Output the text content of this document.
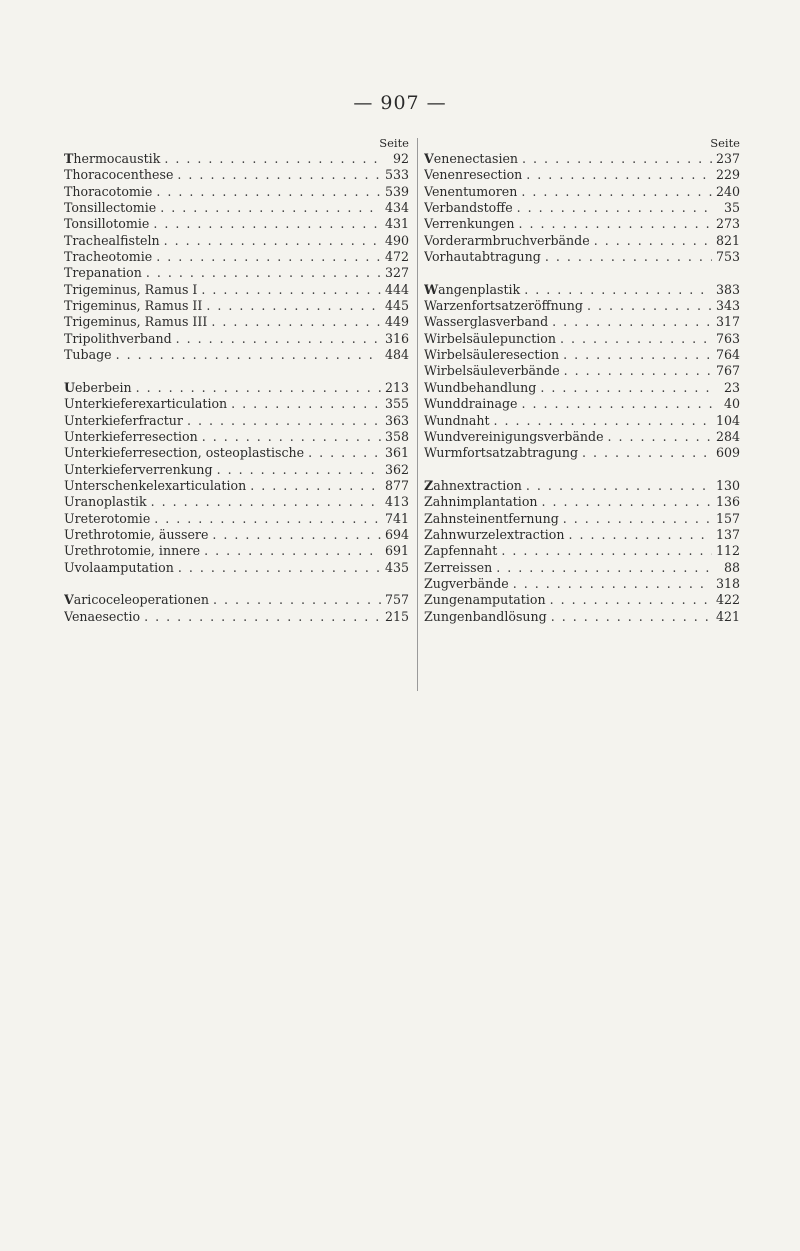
— 907 —
Seite
Thermocaustik . . .	92
Thoracocenthese . . .	533
Thoracotomie . . .	539
Tonsillectomie . . .	434
Tonsillotomie . . .	431
Trachealfisteln . . .	490
Tracheotomie . . .	472
Trepanation . . .	327
Trigeminus, Ramus I . . .	444
Trigeminus, Ramus II . . .	445
Trigeminus, Ramus III . . .	449
Tripolithverband . . .	316
Tubage . . .	484
Ueberbein . . .	213
Unterkieferexarticulation . . .	355
Unterkieferfractur . . .	363
Unterkieferresection . . .	358
Unterkieferresection, osteoplastische . . .	361
Unterkieferverrenkung . . .	362
Unterschenkelexarticulation . . .	877
Uranoplastik . . .	413
Ureterotomie . . .	741
Urethrotomie, äussere . . .	694
Urethrotomie, innere . . .	691
Uvolaamputation . . .	435
Varicoceleoperationen . . .	757
Venaesectio . . .	215
Seite
Venenectasien . . .	237
Venenresection . . .	229
Venentumoren . . .	240
Verbandstoffe . . .	35
Verrenkungen . . .	273
Vorderarmbruchverbände . . .	821
Vorhautabtragung . . .	753
Wangenplastik . . .	383
Warzenfortsatzeröffnung . . .	343
Wasserglasverband . . .	317
Wirbelsäulepunction . . .	763
Wirbelsäuleresection . . .	764
Wirbelsäuleverbände . . .	767
Wundbehandlung . . .	23
Wunddrainage . . .	40
Wundnaht . . .	104
Wundvereinigungsverbände . . .	284
Wurmfortsatzabtragung . . .	609
Zahnextraction . . .	130
Zahnimplantation . . .	136
Zahnsteinentfernung . . .	157
Zahnwurzelextraction . . .	137
Zapfennaht . . .	112
Zerreissen . . .	88
Zugverbände . . .	318
Zungenamputation . . .	422
Zungenbandlösung . . .	421
